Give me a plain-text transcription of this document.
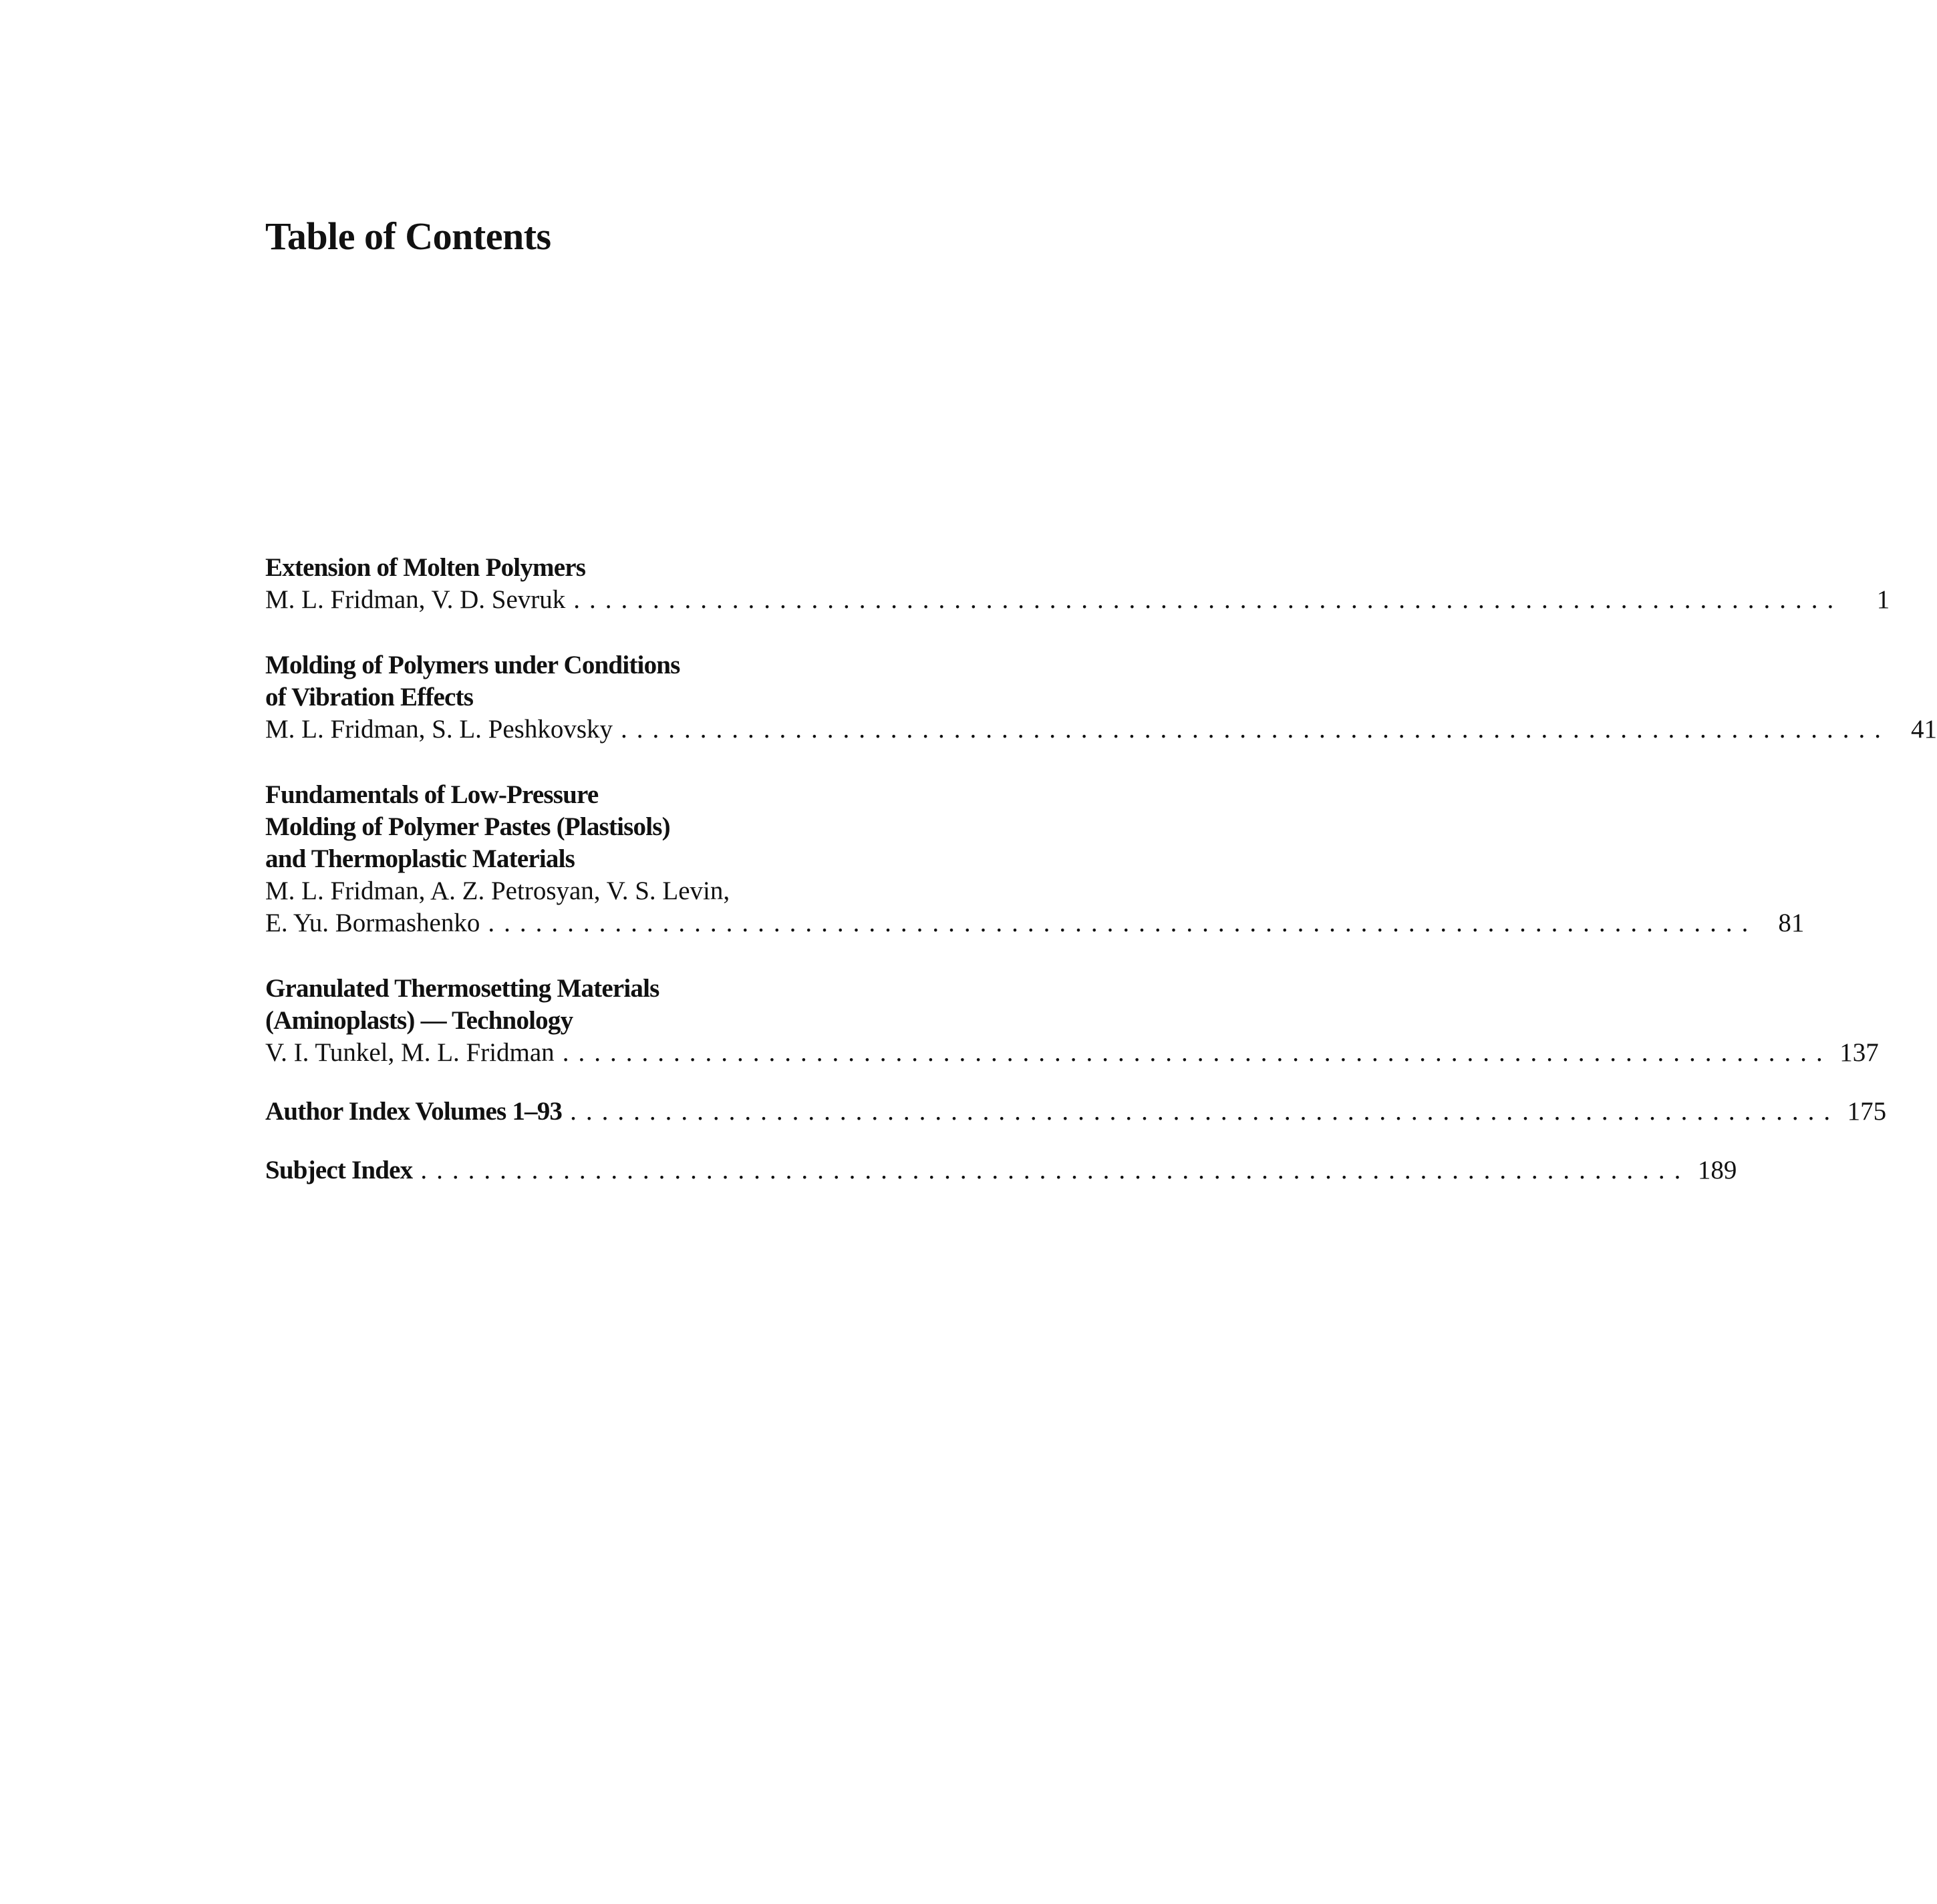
Table of Contents
Extension of Molten Polymers
M. L. Fridman, V. D. Sevruk ................................................................................	1
Molding of Polymers under Conditions
of Vibration Effects
M. L. Fridman, S. L. Peshkovsky ................................................................................ 41
Fundamentals of Low-Pressure
Molding of Polymer Pastes (Plastisols)
and Thermoplastic Materials
M. L. Fridman, A. Z. Petrosyan, V. S. Levin,
E. Yu. Bormashenko ................................................................................ 81
Granulated Thermosetting Materials
(Aminoplasts) — Technology
V. I. Tunkel, M. L. Fridman ................................................................................ 137
Author Index Volumes 1–93 ................................................................................ 175
Subject Index ................................................................................ 189
